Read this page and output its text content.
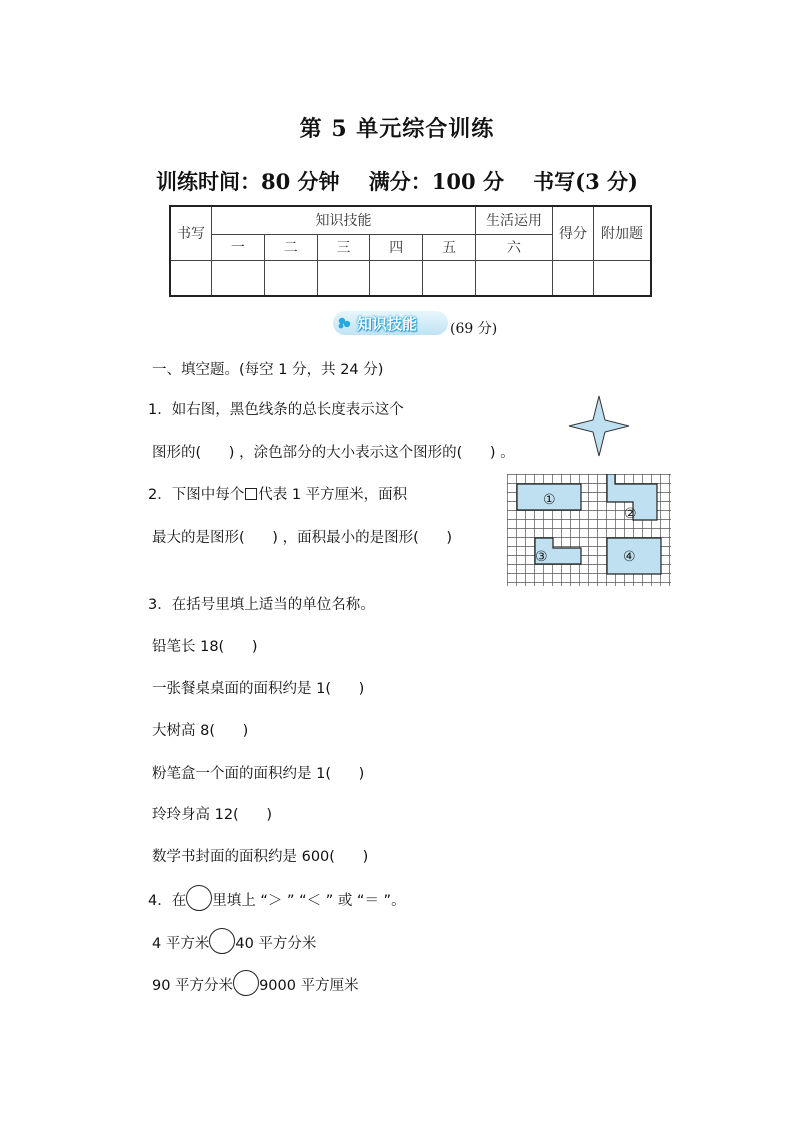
第 5 单元综合训练
训练时间：80 分钟    满分：100 分    书写(3 分)
书写	知识技能					生活运用	得分	附加题
	一	二	三	四	五	六		

知识技能 (69 分)
一、填空题。(每空 1 分，共 24 分)
1．如右图，黑色线条的总长度表示这个
图形的(      ) ，涂色部分的大小表示这个图形的(      ) 。
2．下图中每个 代表 1 平方厘米，面积
最大的是图形(      ) ，面积最小的是图形(      )
①
②
③	④
3．在括号里填上适当的单位名称。
铅笔长 18(      )
一张餐桌桌面的面积约是 1(      )
大树高 8(      )
粉笔盒一个面的面积约是 1(      )
玲玲身高 12(      )
数学书封面的面积约是 600(      )
4．在 里填上 “＞ ” “＜ ” 或 “＝ ”。
4 平方米 40 平方分米
90 平方分米 9000 平方厘米
